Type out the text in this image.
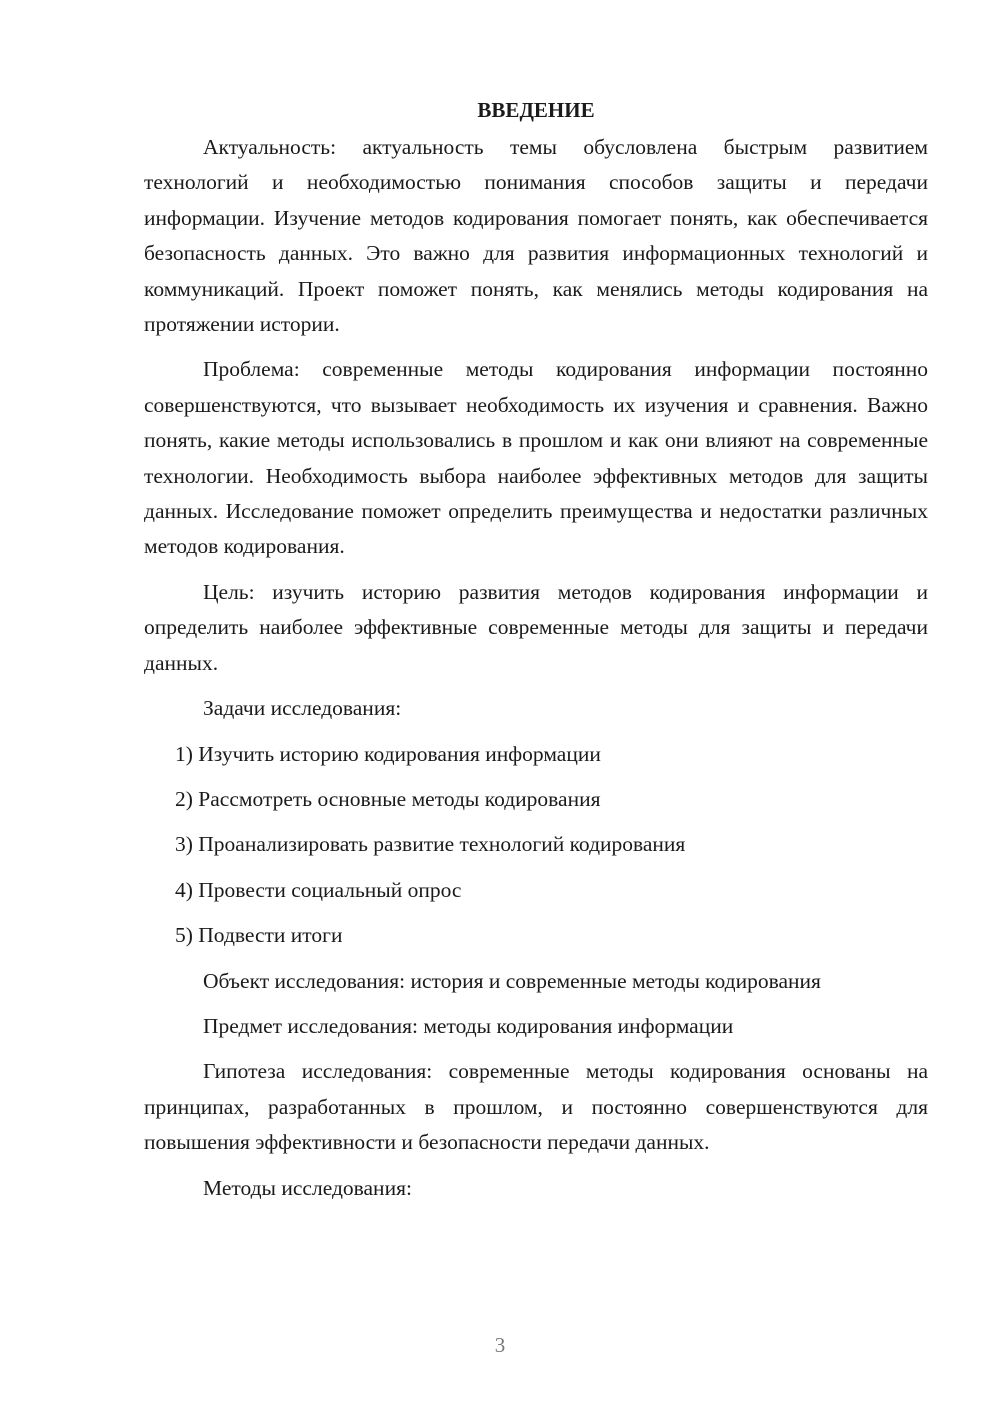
ВВЕДЕНИЕ

Актуальность: актуальность темы обусловлена быстрым развитием технологий и необходимостью понимания способов защиты и передачи информации. Изучение методов кодирования помогает понять, как обеспечивается безопасность данных. Это важно для развития информационных технологий и коммуникаций. Проект поможет понять, как менялись методы кодирования на протяжении истории.

Проблема: современные методы кодирования информации постоянно совершенствуются, что вызывает необходимость их изучения и сравнения. Важно понять, какие методы использовались в прошлом и как они влияют на современные технологии. Необходимость выбора наиболее эффективных методов для защиты данных. Исследование поможет определить преимущества и недостатки различных методов кодирования.

Цель: изучить историю развития методов кодирования информации и определить наиболее эффективные современные методы для защиты и передачи данных.

Задачи исследования:
1) Изучить историю кодирования информации
2) Рассмотреть основные методы кодирования
3) Проанализировать развитие технологий кодирования
4) Провести социальный опрос
5) Подвести итоги
Объект исследования: история и современные методы кодирования
Предмет исследования: методы кодирования информации

Гипотеза исследования: современные методы кодирования основаны на принципах, разработанных в прошлом, и постоянно совершенствуются для повышения эффективности и безопасности передачи данных.

Методы исследования:
3
